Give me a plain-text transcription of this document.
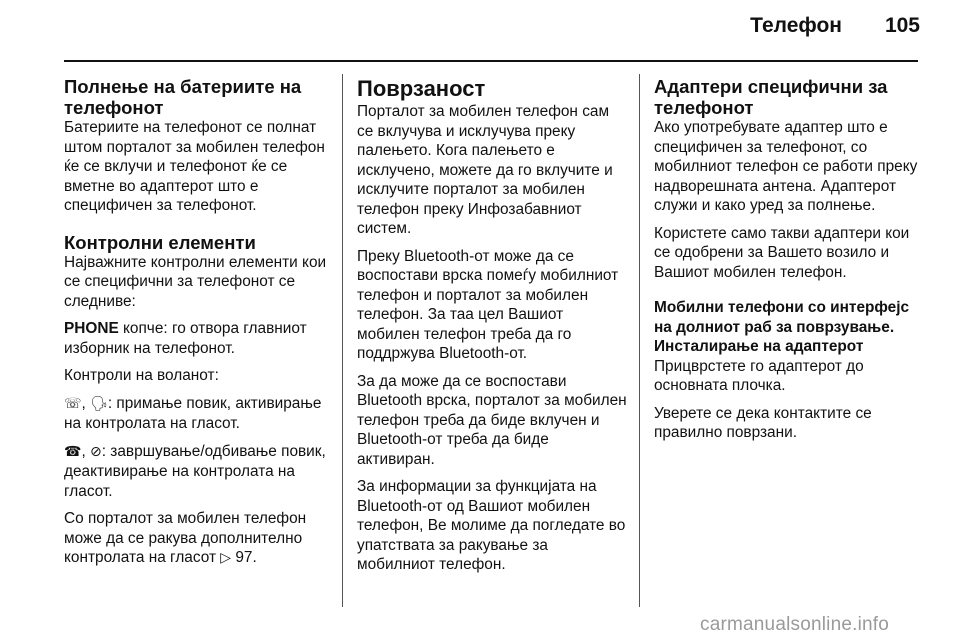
Телефон 105
Полнење на батериите на телефонот

Батериите на телефонот се полнат штом порталот за мобилен телефон ќе се вклучи и телефонот ќе се вметне во адаптерот што е специфичен за телефонот.

Контролни елементи

Најважните контролни елементи кои се специфични за телефонот се следниве:

PHONE копче: го отвора главниот изборник на телефонот.

Контроли на воланот:

☏, 🗣: примање повик, активирање на контролата на гласот.

☎, ⊘: завршување/одбивање повик, деактивирање на контролата на гласот.

Со порталот за мобилен телефон може да се ракува дополнително контролата на гласот ▷ 97.

Поврзаност

Порталот за мобилен телефон сам се вклучува и исклучува преку палењето. Кога палењето е исклучено, можете да го вклучите и исклучите порталот за мобилен телефон преку Инфозабавниот систем.

Преку Bluetooth-от може да се воспостави врска помеѓу мобилниот телефон и порталот за мобилен телефон. За таа цел Вашиот мобилен телефон треба да го поддржува Bluetooth-от.

За да може да се воспостави Bluetooth врска, порталот за мобилен телефон треба да биде вклучен и Bluetooth-от треба да биде активиран.

За информации за функцијата на Bluetooth-от од Вашиот мобилен телефон, Ве молиме да погледате во упатствата за ракување за мобилниот телефон.

Адаптери специфични за телефонот

Ако употребувате адаптер што е специфичен за телефонот, со мобилниот телефон се работи преку надворешната антена. Адаптерот служи и како уред за полнење.

Користете само такви адаптери кои се одобрени за Вашето возило и Вашиот мобилен телефон.

Мобилни телефони со интерфејс на долниот раб за поврзување.

Инсталирање на адаптерот

Прицврстете го адаптерот до основната плочка.

Уверете се дека контактите се правилно поврзани.

carmanualsonline.info
